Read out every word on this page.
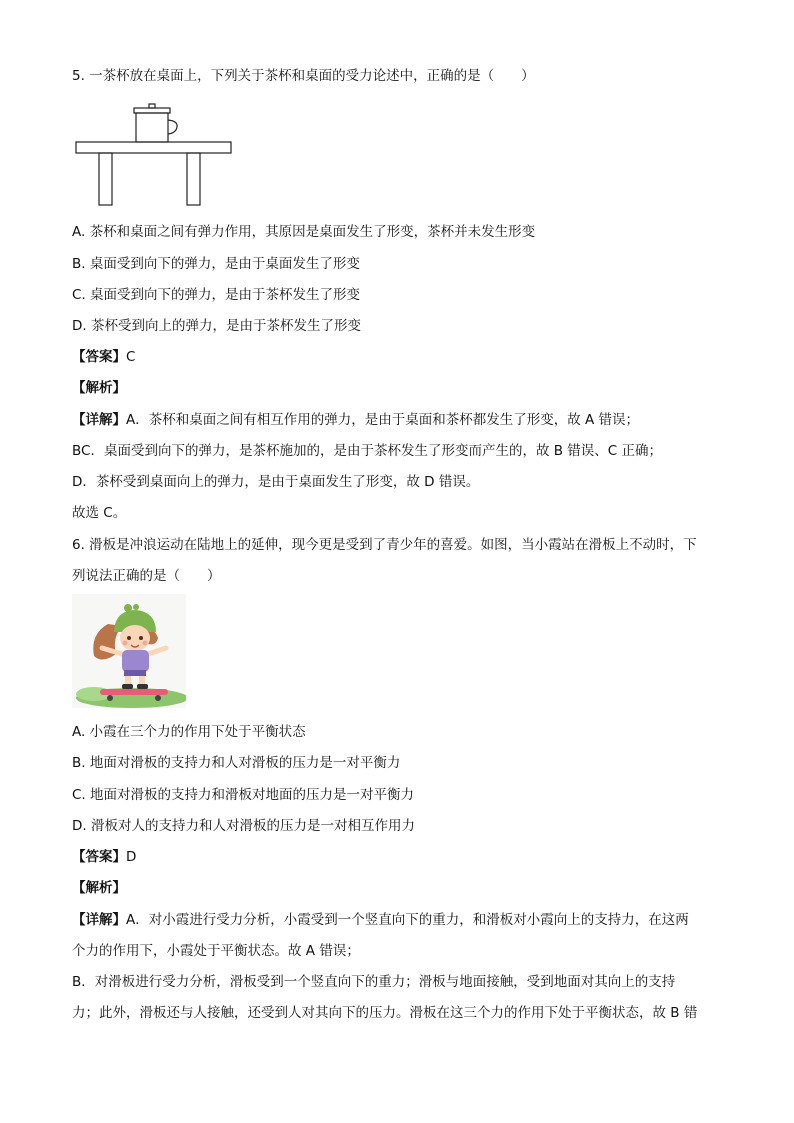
5. 一茶杯放在桌面上，下列关于茶杯和桌面的受力论述中，正确的是（　　）
A. 茶杯和桌面之间有弹力作用，其原因是桌面发生了形变，茶杯并未发生形变
B. 桌面受到向下的弹力，是由于桌面发生了形变
C. 桌面受到向下的弹力，是由于茶杯发生了形变
D. 茶杯受到向上的弹力，是由于茶杯发生了形变
【答案】C
【解析】
【详解】A．茶杯和桌面之间有相互作用的弹力，是由于桌面和茶杯都发生了形变，故 A 错误；
BC．桌面受到向下的弹力，是茶杯施加的，是由于茶杯发生了形变而产生的，故 B 错误、C 正确；
D．茶杯受到桌面向上的弹力，是由于桌面发生了形变，故 D 错误。
故选 C。
6. 滑板是冲浪运动在陆地上的延伸，现今更是受到了青少年的喜爱。如图，当小霞站在滑板上不动时，下
列说法正确的是（　　）
A. 小霞在三个力的作用下处于平衡状态
B. 地面对滑板的支持力和人对滑板的压力是一对平衡力
C. 地面对滑板的支持力和滑板对地面的压力是一对平衡力
D. 滑板对人的支持力和人对滑板的压力是一对相互作用力
【答案】D
【解析】
【详解】A．对小霞进行受力分析，小霞受到一个竖直向下的重力，和滑板对小霞向上的支持力，在这两
个力的作用下，小霞处于平衡状态。故 A 错误；
B．对滑板进行受力分析，滑板受到一个竖直向下的重力；滑板与地面接触，受到地面对其向上的支持
力；此外，滑板还与人接触，还受到人对其向下的压力。滑板在这三个力的作用下处于平衡状态，故 B 错
